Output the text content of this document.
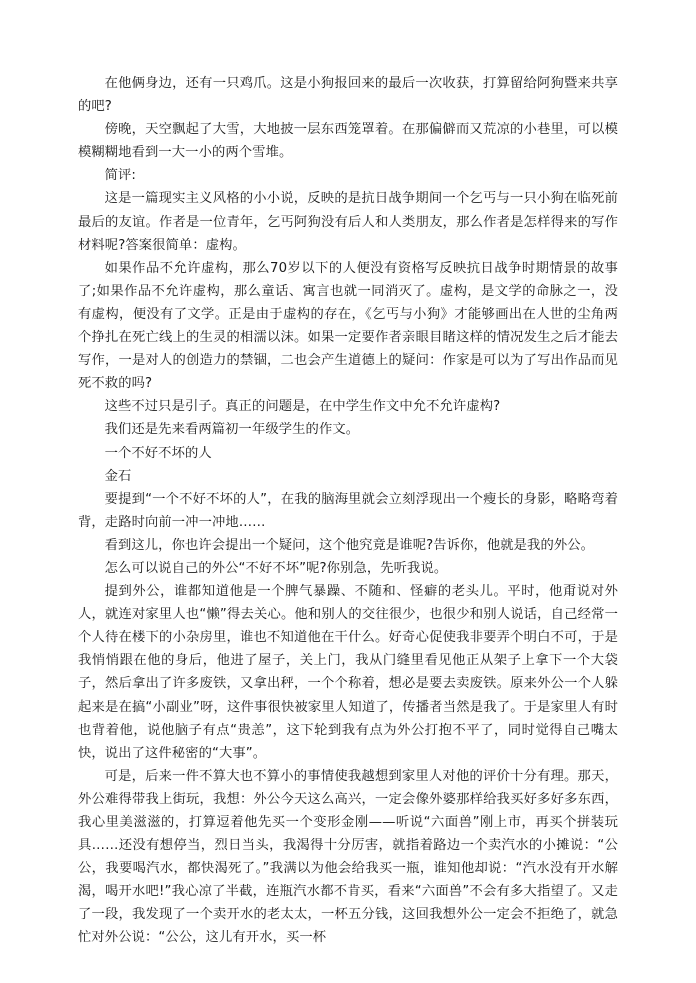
在他俩身边，还有一只鸡爪。这是小狗报回来的最后一次收获，打算留给阿狗暨来共享的吧?

傍晚，天空飘起了大雪，大地披一层东西笼罩着。在那偏僻而又荒凉的小巷里，可以模模糊糊地看到一大一小的两个雪堆。

简评:

这是一篇现实主义风格的小小说，反映的是抗日战争期间一个乞丐与一只小狗在临死前最后的友谊。作者是一位青年，乞丐阿狗没有后人和人类朋友，那么作者是怎样得来的写作材料呢?答案很简单：虚构。

如果作品不允许虚构，那么70岁以下的人便没有资格写反映抗日战争时期情景的故事了;如果作品不允许虚构，那么童话、寓言也就一同消灭了。虚构，是文学的命脉之一，没有虚构，便没有了文学。正是由于虚构的存在，《乞丐与小狗》才能够画出在人世的尘角两个挣扎在死亡线上的生灵的相濡以沫。如果一定要作者亲眼目睹这样的情况发生之后才能去写作，一是对人的创造力的禁锢，二也会产生道德上的疑问：作家是可以为了写出作品而见死不救的吗?

这些不过只是引子。真正的问题是，在中学生作文中允不允许虚构?

我们还是先来看两篇初一年级学生的作文。

一个不好不坏的人

金石

要提到“一个不好不坏的人”，在我的脑海里就会立刻浮现出一个瘦长的身影，略略弯着背，走路时向前一冲一冲地……

看到这儿，你也许会提出一个疑问，这个他究竟是谁呢?告诉你，他就是我的外公。

怎么可以说自己的外公“不好不坏”呢?你别急，先听我说。

提到外公，谁都知道他是一个脾气暴躁、不随和、怪癖的老头儿。平时，他甭说对外人，就连对家里人也“懒”得去关心。他和别人的交往很少，也很少和别人说话，自己经常一个人待在楼下的小杂房里，谁也不知道他在干什么。好奇心促使我非要弄个明白不可，于是我悄悄跟在他的身后，他进了屋子，关上门，我从门缝里看见他正从架子上拿下一个大袋子，然后拿出了许多废铁，又拿出秤，一个个称着，想必是要去卖废铁。原来外公一个人躲起来是在搞“小副业”呀，这件事很快被家里人知道了，传播者当然是我了。于是家里人有时也背着他，说他脑子有点“贵恙”，这下轮到我有点为外公打抱不平了，同时觉得自己嘴太快，说出了这件秘密的“大事”。

可是，后来一件不算大也不算小的事情使我越想到家里人对他的评价十分有理。那天，外公难得带我上街玩，我想：外公今天这么高兴，一定会像外婆那样给我买好多好多东西，我心里美滋滋的，打算逗着他先买一个变形金刚——听说“六面兽”刚上市，再买个拼装玩具……还没有想停当，烈日当头，我渴得十分厉害，就指着路边一个卖汽水的小摊说：“公公，我要喝汽水，都快渴死了。”我满以为他会给我买一瓶，谁知他却说：“汽水没有开水解渴，喝开水吧!”我心凉了半截，连瓶汽水都不肯买，看来“六面兽”不会有多大指望了。又走了一段，我发现了一个卖开水的老太太，一杯五分钱，这回我想外公一定会不拒绝了，就急忙对外公说：“公公，这儿有开水，买一杯
